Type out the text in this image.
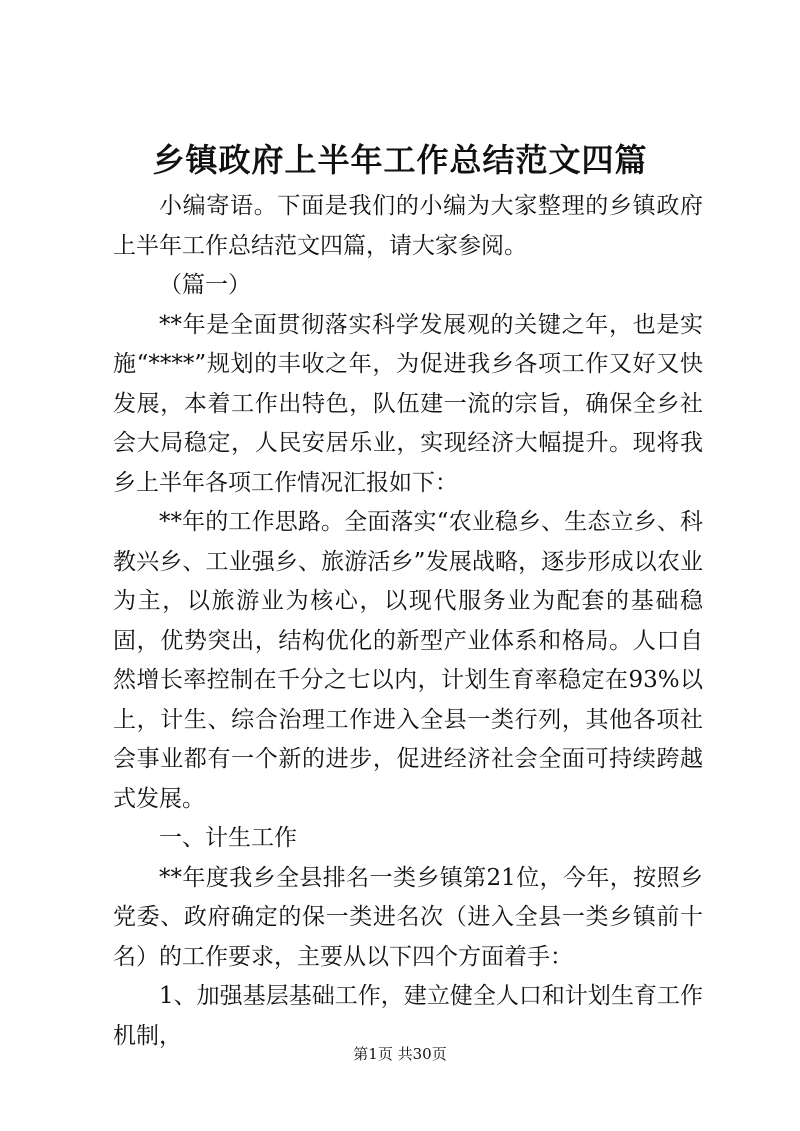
乡镇政府上半年工作总结范文四篇

小编寄语。下面是我们的小编为大家整理的乡镇政府上半年工作总结范文四篇，请大家参阅。

（篇一）

**年是全面贯彻落实科学发展观的关键之年，也是实施“****”规划的丰收之年，为促进我乡各项工作又好又快发展，本着工作出特色，队伍建一流的宗旨，确保全乡社会大局稳定，人民安居乐业，实现经济大幅提升。现将我乡上半年各项工作情况汇报如下：

**年的工作思路。全面落实“农业稳乡、生态立乡、科教兴乡、工业强乡、旅游活乡”发展战略，逐步形成以农业为主，以旅游业为核心，以现代服务业为配套的基础稳固，优势突出，结构优化的新型产业体系和格局。人口自然增长率控制在千分之七以内，计划生育率稳定在93%以上，计生、综合治理工作进入全县一类行列，其他各项社会事业都有一个新的进步，促进经济社会全面可持续跨越式发展。

一、计生工作

**年度我乡全县排名一类乡镇第21位，今年，按照乡党委、政府确定的保一类进名次（进入全县一类乡镇前十名）的工作要求，主要从以下四个方面着手：

1、加强基层基础工作，建立健全人口和计划生育工作机制，

第1页 共30页
